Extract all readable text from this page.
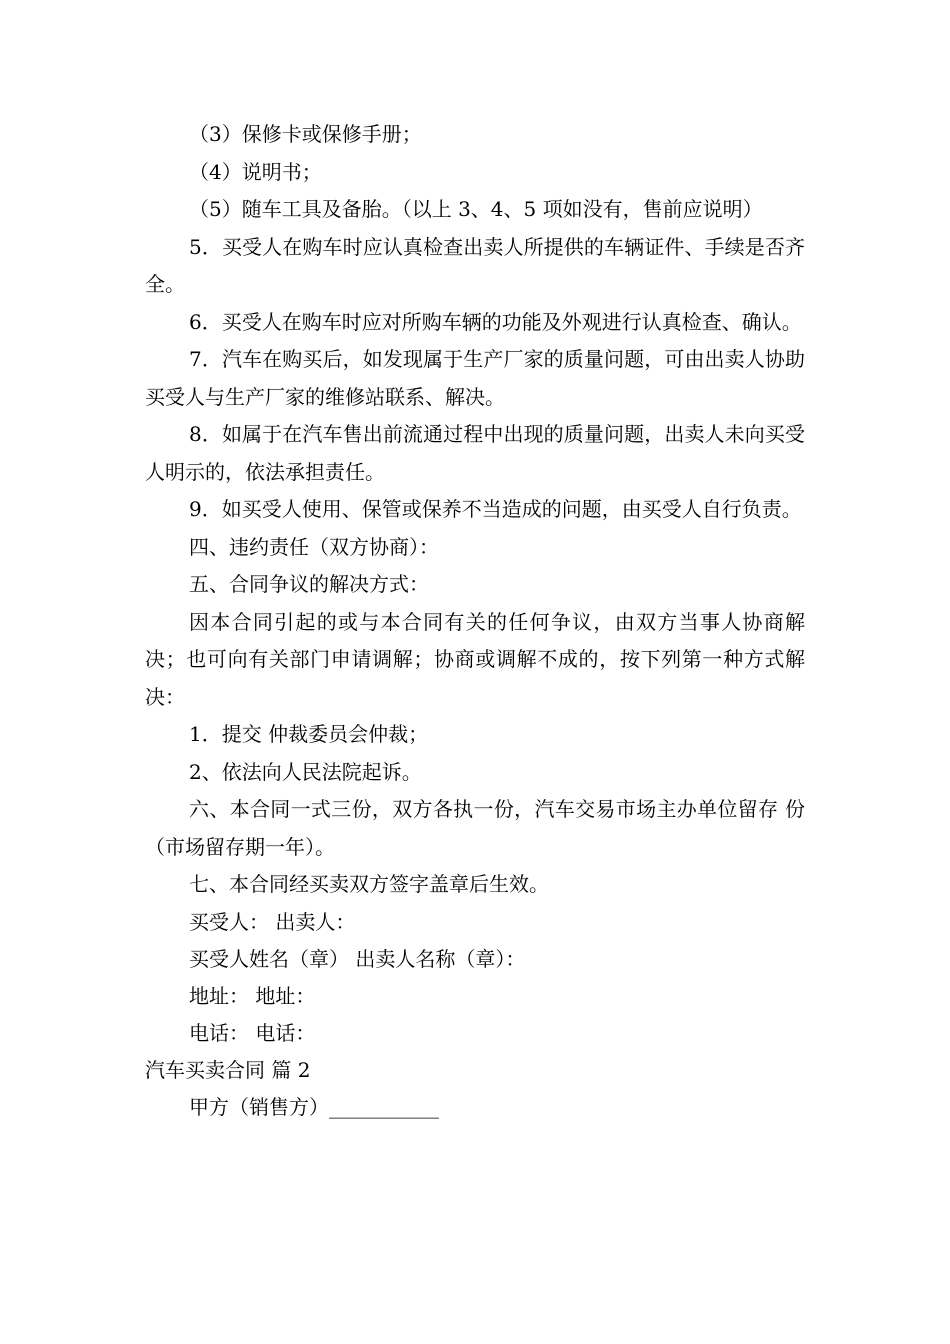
（3）保修卡或保修手册；

（4）说明书；

（5）随车工具及备胎。（以上 3、4、5 项如没有，售前应说明）

5．买受人在购车时应认真检查出卖人所提供的车辆证件、手续是否齐全。

6．买受人在购车时应对所购车辆的功能及外观进行认真检查、确认。

7．汽车在购买后，如发现属于生产厂家的质量问题，可由出卖人协助买受人与生产厂家的维修站联系、解决。

8．如属于在汽车售出前流通过程中出现的质量问题，出卖人未向买受人明示的，依法承担责任。

9．如买受人使用、保管或保养不当造成的问题，由买受人自行负责。

四、违约责任（双方协商）：

五、合同争议的解决方式：

因本合同引起的或与本合同有关的任何争议，由双方当事人协商解决；也可向有关部门申请调解；协商或调解不成的，按下列第一种方式解决：

1．提交 仲裁委员会仲裁；

2、依法向人民法院起诉。

六、本合同一式三份，双方各执一份，汽车交易市场主办单位留存 份（市场留存期一年）。

七、本合同经买卖双方签字盖章后生效。

买受人： 出卖人：

买受人姓名（章） 出卖人名称（章）：

地址： 地址：

电话： 电话：

汽车买卖合同 篇 2

甲方（销售方）___________
